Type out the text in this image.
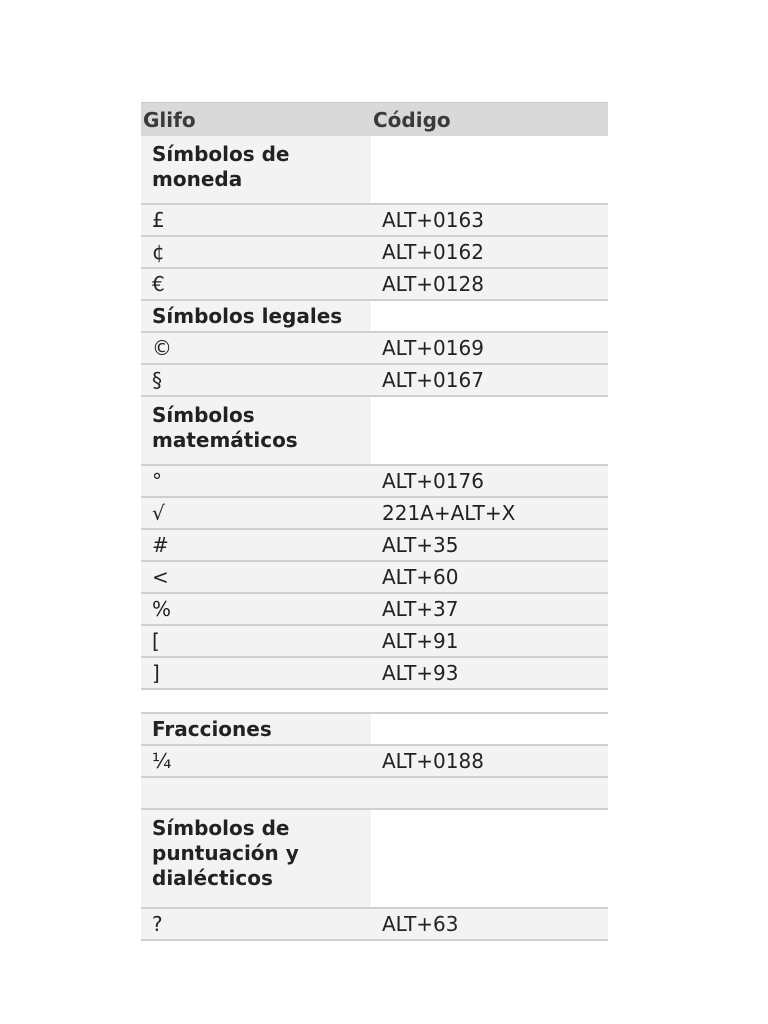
Glifo	Código
Símbolos de moneda	
£	ALT+0163
¢	ALT+0162
€	ALT+0128
Símbolos legales	
©	ALT+0169
§	ALT+0167
Símbolos matemáticos	
°	ALT+0176
√	221A+ALT+X
#	ALT+35
<	ALT+60
%	ALT+37
[	ALT+91
]	ALT+93
Fracciones	
¼	ALT+0188

Símbolos de puntuación y dialécticos	
?	ALT+63
